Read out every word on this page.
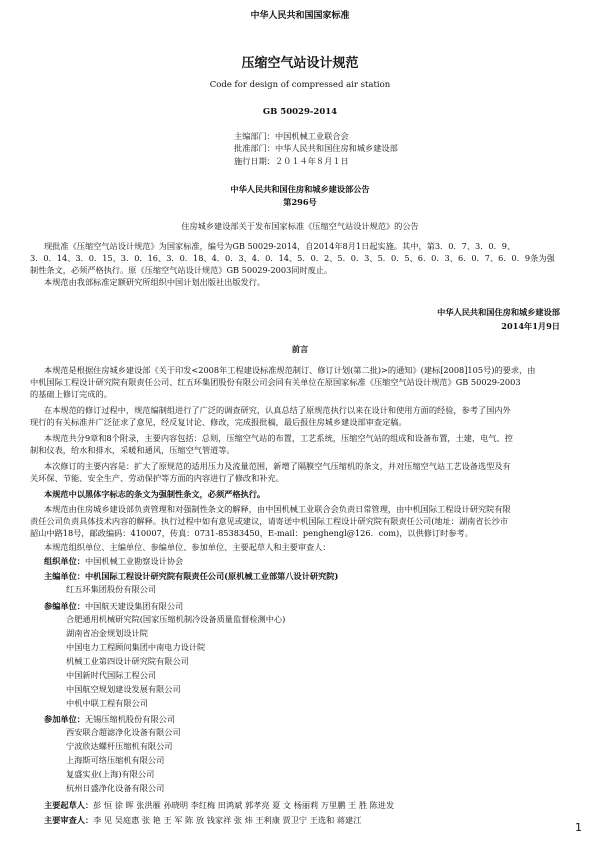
中华人民共和国国家标准
压缩空气站设计规范
Code for design of compressed air station
GB 50029-2014
主编部门：中国机械工业联合会
批准部门：中华人民共和国住房和城乡建设部
施行日期：２０１４年８月１日
中华人民共和国住房和城乡建设部公告
第296号
住房城乡建设部关于发布国家标准《压缩空气站设计规范》的公告
现批准《压缩空气站设计规范》为国家标准，编号为GB 50029-2014，自2014年8月1日起实施。其中，第3．0．7、3．0．9、
3．0．14、3．0．15、3．0．16、3．0．18、4．0．3、4．0．14、5．0．2、5．0．3、5．0．5、6．0．3、6．0．7、6．0．9条为强
制性条文，必须严格执行。原《压缩空气站设计规范》GB 50029-2003同时废止。
本规范由我部标准定额研究所组织中国计划出版社出版发行。
中华人民共和国住房和城乡建设部
2014年1月9日
前言
本规范是根据住房城乡建设部《关于印发<2008年工程建设标准规范制订、修订计划(第二批)>的通知》(建标[2008]105号)的要求，由
中机国际工程设计研究院有限责任公司、红五环集团股份有限公司会同有关单位在原国家标准《压缩空气站设计规范》GB 50029-2003
的基础上修订完成的。
在本规范的修订过程中，规范编制组进行了广泛的调查研究，认真总结了原规范执行以来在设计和使用方面的经验，参考了国内外
现行的有关标准并广泛征求了意见，经反复讨论、修改，完成报批稿，最后报住房城乡建设部审查定稿。
本规范共分9章和8个附录，主要内容包括：总则，压缩空气站的布置，工艺系统，压缩空气站的组成和设备布置，土建，电气、控
制和仪表，给水和排水，采暖和通风，压缩空气管道等。
本次修订的主要内容是：扩大了原规范的适用压力及流量范围，新增了隔膜空气压缩机的条文，并对压缩空气站工艺设备选型及有
关环保、节能、安全生产、劳动保护等方面的内容进行了修改和补充。
本规范中以黑体字标志的条文为强制性条文，必须严格执行。
本规范由住房城乡建设部负责管理和对强制性条文的解释，由中国机械工业联合会负责日常管理，由中机国际工程设计研究院有限
责任公司负责具体技术内容的解释。执行过程中如有意见或建议，请寄送中机国际工程设计研究院有限责任公司(地址：湖南省长沙市
韶山中路18号，邮政编码：410007，传真：0731-85383450，E-mail：penghengl@126．com)，以供修订时参考。
本规范组织单位、主编单位、参编单位、参加单位、主要起草人和主要审查人：
组织单位：中国机械工业勘察设计协会
主编单位：中机国际工程设计研究院有限责任公司(原机械工业部第八设计研究院)
红五环集团股份有限公司
参编单位：中国航天建设集团有限公司
合肥通用机械研究院(国家压缩机制冷设备质量监督检测中心)
湖南省冶金规划设计院
中国电力工程顾问集团中南电力设计院
机械工业第四设计研究院有限公司
中国新时代国际工程公司
中国航空规划建设发展有限公司
中机中联工程有限公司
参加单位：无锡压缩机股份有限公司
西安联合超滤净化设备有限公司
宁波欣达螺杆压缩机有限公司
上海斯可络压缩机有限公司
复盛实业(上海)有限公司
杭州日盛净化设备有限公司
主要起草人：彭 恒 徐 晖 张洪雁 孙晓明 李红梅 田鸿斌 郭孝亮 夏 文 杨丽莉 万里鹏 王 胜 陈进发
主要审查人：李 见 吴庭惠 张 艳 王 军 陈 放 钱家祥 张 炜 王利康 贾卫宁 王选和 蒋建江
1
